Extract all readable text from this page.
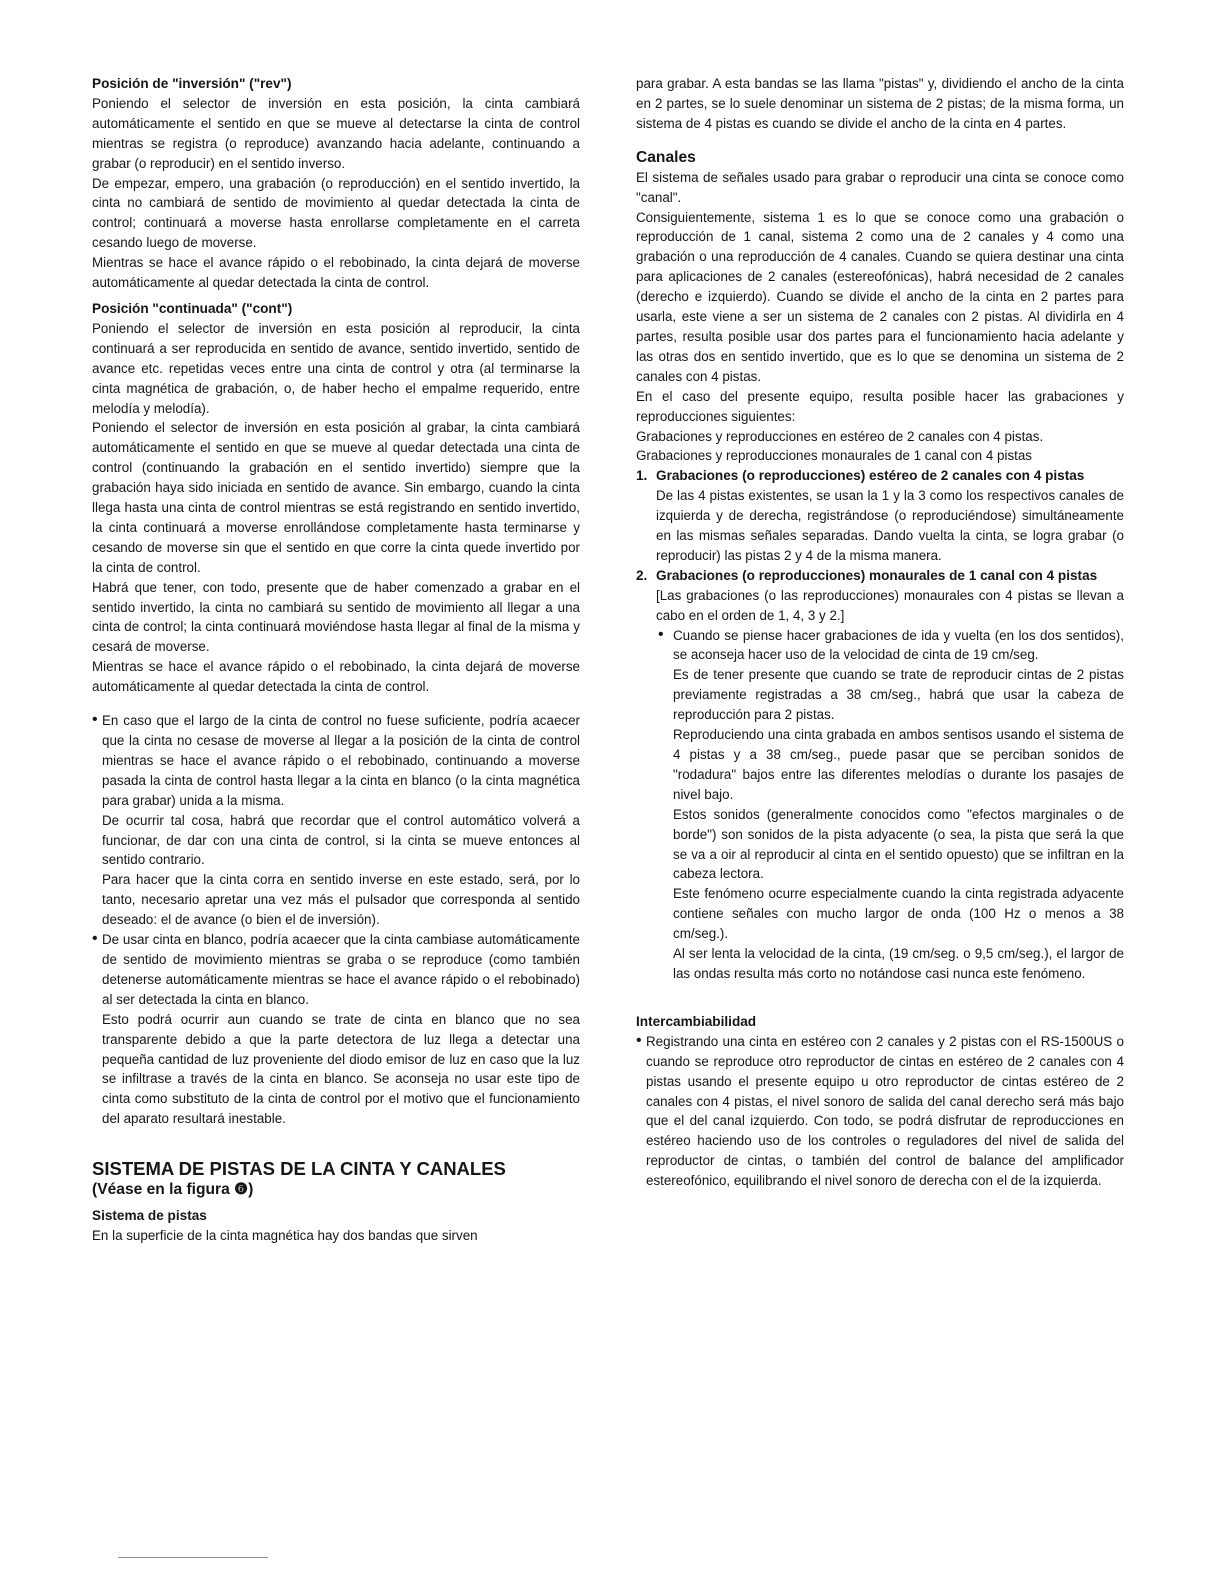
Posición de "inversión" ("rev")

Poniendo el selector de inversión en esta posición, la cinta cambiará automáticamente el sentido en que se mueve al detectarse la cinta de control mientras se registra (o reproduce) avanzando hacia adelante, continuando a grabar (o reproducir) en el sentido inverso.

De empezar, empero, una grabación (o reproducción) en el sentido invertido, la cinta no cambiará de sentido de movimiento al quedar detectada la cinta de control; continuará a moverse hasta enrollarse completamente en el carreta cesando luego de moverse.

Mientras se hace el avance rápido o el rebobinado, la cinta dejará de moverse automáticamente al quedar detectada la cinta de control.

Posición "continuada" ("cont")

Poniendo el selector de inversión en esta posición al reproducir, la cinta continuará a ser reproducida en sentido de avance, sentido invertido, sentido de avance etc. repetidas veces entre una cinta de control y otra (al terminarse la cinta magnética de grabación, o, de haber hecho el empalme requerido, entre melodía y melodía).

Poniendo el selector de inversión en esta posición al grabar, la cinta cambiará automáticamente el sentido en que se mueve al quedar detectada una cinta de control (continuando la grabación en el sentido invertido) siempre que la grabación haya sido iniciada en sentido de avance. Sin embargo, cuando la cinta llega hasta una cinta de control mientras se está registrando en sentido invertido, la cinta continuará a moverse enrollándose completamente hasta terminarse y cesando de moverse sin que el sentido en que corre la cinta quede invertido por la cinta de control.

Habrá que tener, con todo, presente que de haber comenzado a grabar en el sentido invertido, la cinta no cambiará su sentido de movimiento all llegar a una cinta de control; la cinta continuará moviéndose hasta llegar al final de la misma y cesará de moverse.

Mientras se hace el avance rápido o el rebobinado, la cinta dejará de moverse automáticamente al quedar detectada la cinta de control.

• En caso que el largo de la cinta de control no fuese suficiente, podría acaecer que la cinta no cesase de moverse al llegar a la posición de la cinta de control mientras se hace el avance rápido o el rebobinado, continuando a moverse pasada la cinta de control hasta llegar a la cinta en blanco (o la cinta magnética para grabar) unida a la misma.

De ocurrir tal cosa, habrá que recordar que el control automático volverá a funcionar, de dar con una cinta de control, si la cinta se mueve entonces al sentido contrario.

Para hacer que la cinta corra en sentido inverse en este estado, será, por lo tanto, necesario apretar una vez más el pulsador que corresponda al sentido deseado: el de avance (o bien el de inversión).

• De usar cinta en blanco, podría acaecer que la cinta cambiase automáticamente de sentido de movimiento mientras se graba o se reproduce (como también detenerse automáticamente mientras se hace el avance rápido o el rebobinado) al ser detectada la cinta en blanco.

Esto podrá ocurrir aun cuando se trate de cinta en blanco que no sea transparente debido a que la parte detectora de luz llega a detectar una pequeña cantidad de luz proveniente del diodo emisor de luz en caso que la luz se infiltrase a través de la cinta en blanco. Se aconseja no usar este tipo de cinta como substituto de la cinta de control por el motivo que el funcionamiento del aparato resultará inestable.

SISTEMA DE PISTAS DE LA CINTA Y CANALES
(Véase en la figura ❻)
Sistema de pistas

En la superficie de la cinta magnética hay dos bandas que sirven

para grabar. A esta bandas se las llama "pistas" y, dividiendo el ancho de la cinta en 2 partes, se lo suele denominar un sistema de 2 pistas; de la misma forma, un sistema de 4 pistas es cuando se divide el ancho de la cinta en 4 partes.

Canales

El sistema de señales usado para grabar o reproducir una cinta se conoce como "canal".

Consiguientemente, sistema 1 es lo que se conoce como una grabación o reproducción de 1 canal, sistema 2 como una de 2 canales y 4 como una grabación o una reproducción de 4 canales. Cuando se quiera destinar una cinta para aplicaciones de 2 canales (estereofónicas), habrá necesidad de 2 canales (derecho e izquierdo). Cuando se divide el ancho de la cinta en 2 partes para usarla, este viene a ser un sistema de 2 canales con 2 pistas. Al dividirla en 4 partes, resulta posible usar dos partes para el funcionamiento hacia adelante y las otras dos en sentido invertido, que es lo que se denomina un sistema de 2 canales con 4 pistas.

En el caso del presente equipo, resulta posible hacer las grabaciones y reproducciones siguientes:

Grabaciones y reproducciones en estéreo de 2 canales con 4 pistas.

Grabaciones y reproducciones monaurales de 1 canal con 4 pistas

1. Grabaciones (o reproducciones) estéreo de 2 canales con 4 pistas

De las 4 pistas existentes, se usan la 1 y la 3 como los respectivos canales de izquierda y de derecha, registrándose (o reproduciéndose) simultáneamente en las mismas señales separadas. Dando vuelta la cinta, se logra grabar (o reproducir) las pistas 2 y 4 de la misma manera.

2. Grabaciones (o reproducciones) monaurales de 1 canal con 4 pistas

[Las grabaciones (o las reproducciones) monaurales con 4 pistas se llevan a cabo en el orden de 1, 4, 3 y 2.]

• Cuando se piense hacer grabaciones de ida y vuelta (en los dos sentidos), se aconseja hacer uso de la velocidad de cinta de 19 cm/seg.

Es de tener presente que cuando se trate de reproducir cintas de 2 pistas previamente registradas a 38 cm/seg., habrá que usar la cabeza de reproducción para 2 pistas.

Reproduciendo una cinta grabada en ambos sentisos usando el sistema de 4 pistas y a 38 cm/seg., puede pasar que se perciban sonidos de "rodadura" bajos entre las diferentes melodías o durante los pasajes de nivel bajo.

Estos sonidos (generalmente conocidos como "efectos marginales o de borde") son sonidos de la pista adyacente (o sea, la pista que será la que se va a oir al reproducir al cinta en el sentido opuesto) que se infiltran en la cabeza lectora.

Este fenómeno ocurre especialmente cuando la cinta registrada adyacente contiene señales con mucho largor de onda (100 Hz o menos a 38 cm/seg.).

Al ser lenta la velocidad de la cinta, (19 cm/seg. o 9,5 cm/seg.), el largor de las ondas resulta más corto no notándose casi nunca este fenómeno.

Intercambiabilidad
• Registrando una cinta en estéreo con 2 canales y 2 pistas con el RS-1500US o cuando se reproduce otro reproductor de cintas en estéreo de 2 canales con 4 pistas usando el presente equipo u otro reproductor de cintas estéreo de 2 canales con 4 pistas, el nivel sonoro de salida del canal derecho será más bajo que el del canal izquierdo. Con todo, se podrá disfrutar de reproducciones en estéreo haciendo uso de los controles o reguladores del nivel de salida del reproductor de cintas, o también del control de balance del amplificador estereofónico, equilibrando el nivel sonoro de derecha con el de la izquierda.
